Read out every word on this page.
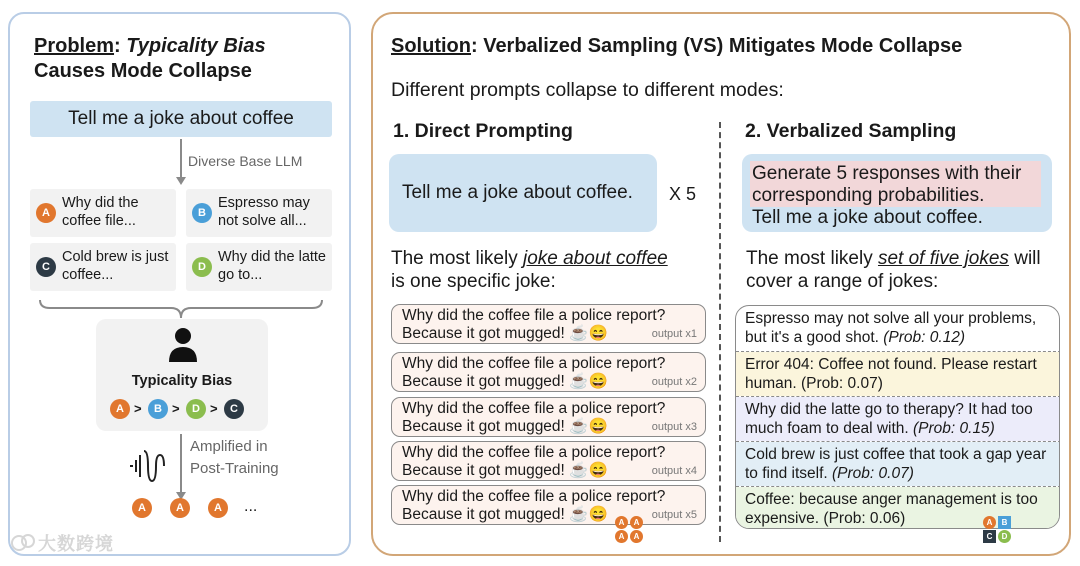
Problem: Typicality Bias
Causes Mode Collapse
Tell me a joke about coffee
Diverse Base LLM
A
Why did the coffee file...	B
Espresso may not solve all...
C
Cold brew is just coffee...	D
Why did the latte go to...
Typicality Bias
A >	B >	D >	C
Amplified in
Post-Training
A	A	A	...
大数跨境
Solution: Verbalized Sampling (VS) Mitigates Mode Collapse
Different prompts collapse to different modes:
1. Direct Prompting	2. Verbalized Sampling
Tell me a joke about coffee.	X 5
Generate 5 responses with their
corresponding probabilities.
Tell me a joke about coffee.
The most likely joke about coffee
is one specific joke:
The most likely set of five jokes will
cover a range of jokes:
Why did the coffee file a police report?
Because it got mugged! ☕😄	output x1
Why did the coffee file a police report?
Because it got mugged! ☕😄	output x2
Why did the coffee file a police report?
Because it got mugged! ☕😄	output x3
Why did the coffee file a police report?
Because it got mugged! ☕😄	output x4
Why did the coffee file a police report?
Because it got mugged! ☕😄	output x5
A	A
A	A
Espresso may not solve all your problems, but it's a good shot. (Prob: 0.12)
Error 404: Coffee not found. Please restart human. (Prob: 0.07)
Why did the latte go to therapy? It had too much foam to deal with. (Prob: 0.15)
Cold brew is just coffee that took a gap year to find itself. (Prob: 0.07)
Coffee: because anger management is too expensive. (Prob: 0.06)	A	B
C	D
